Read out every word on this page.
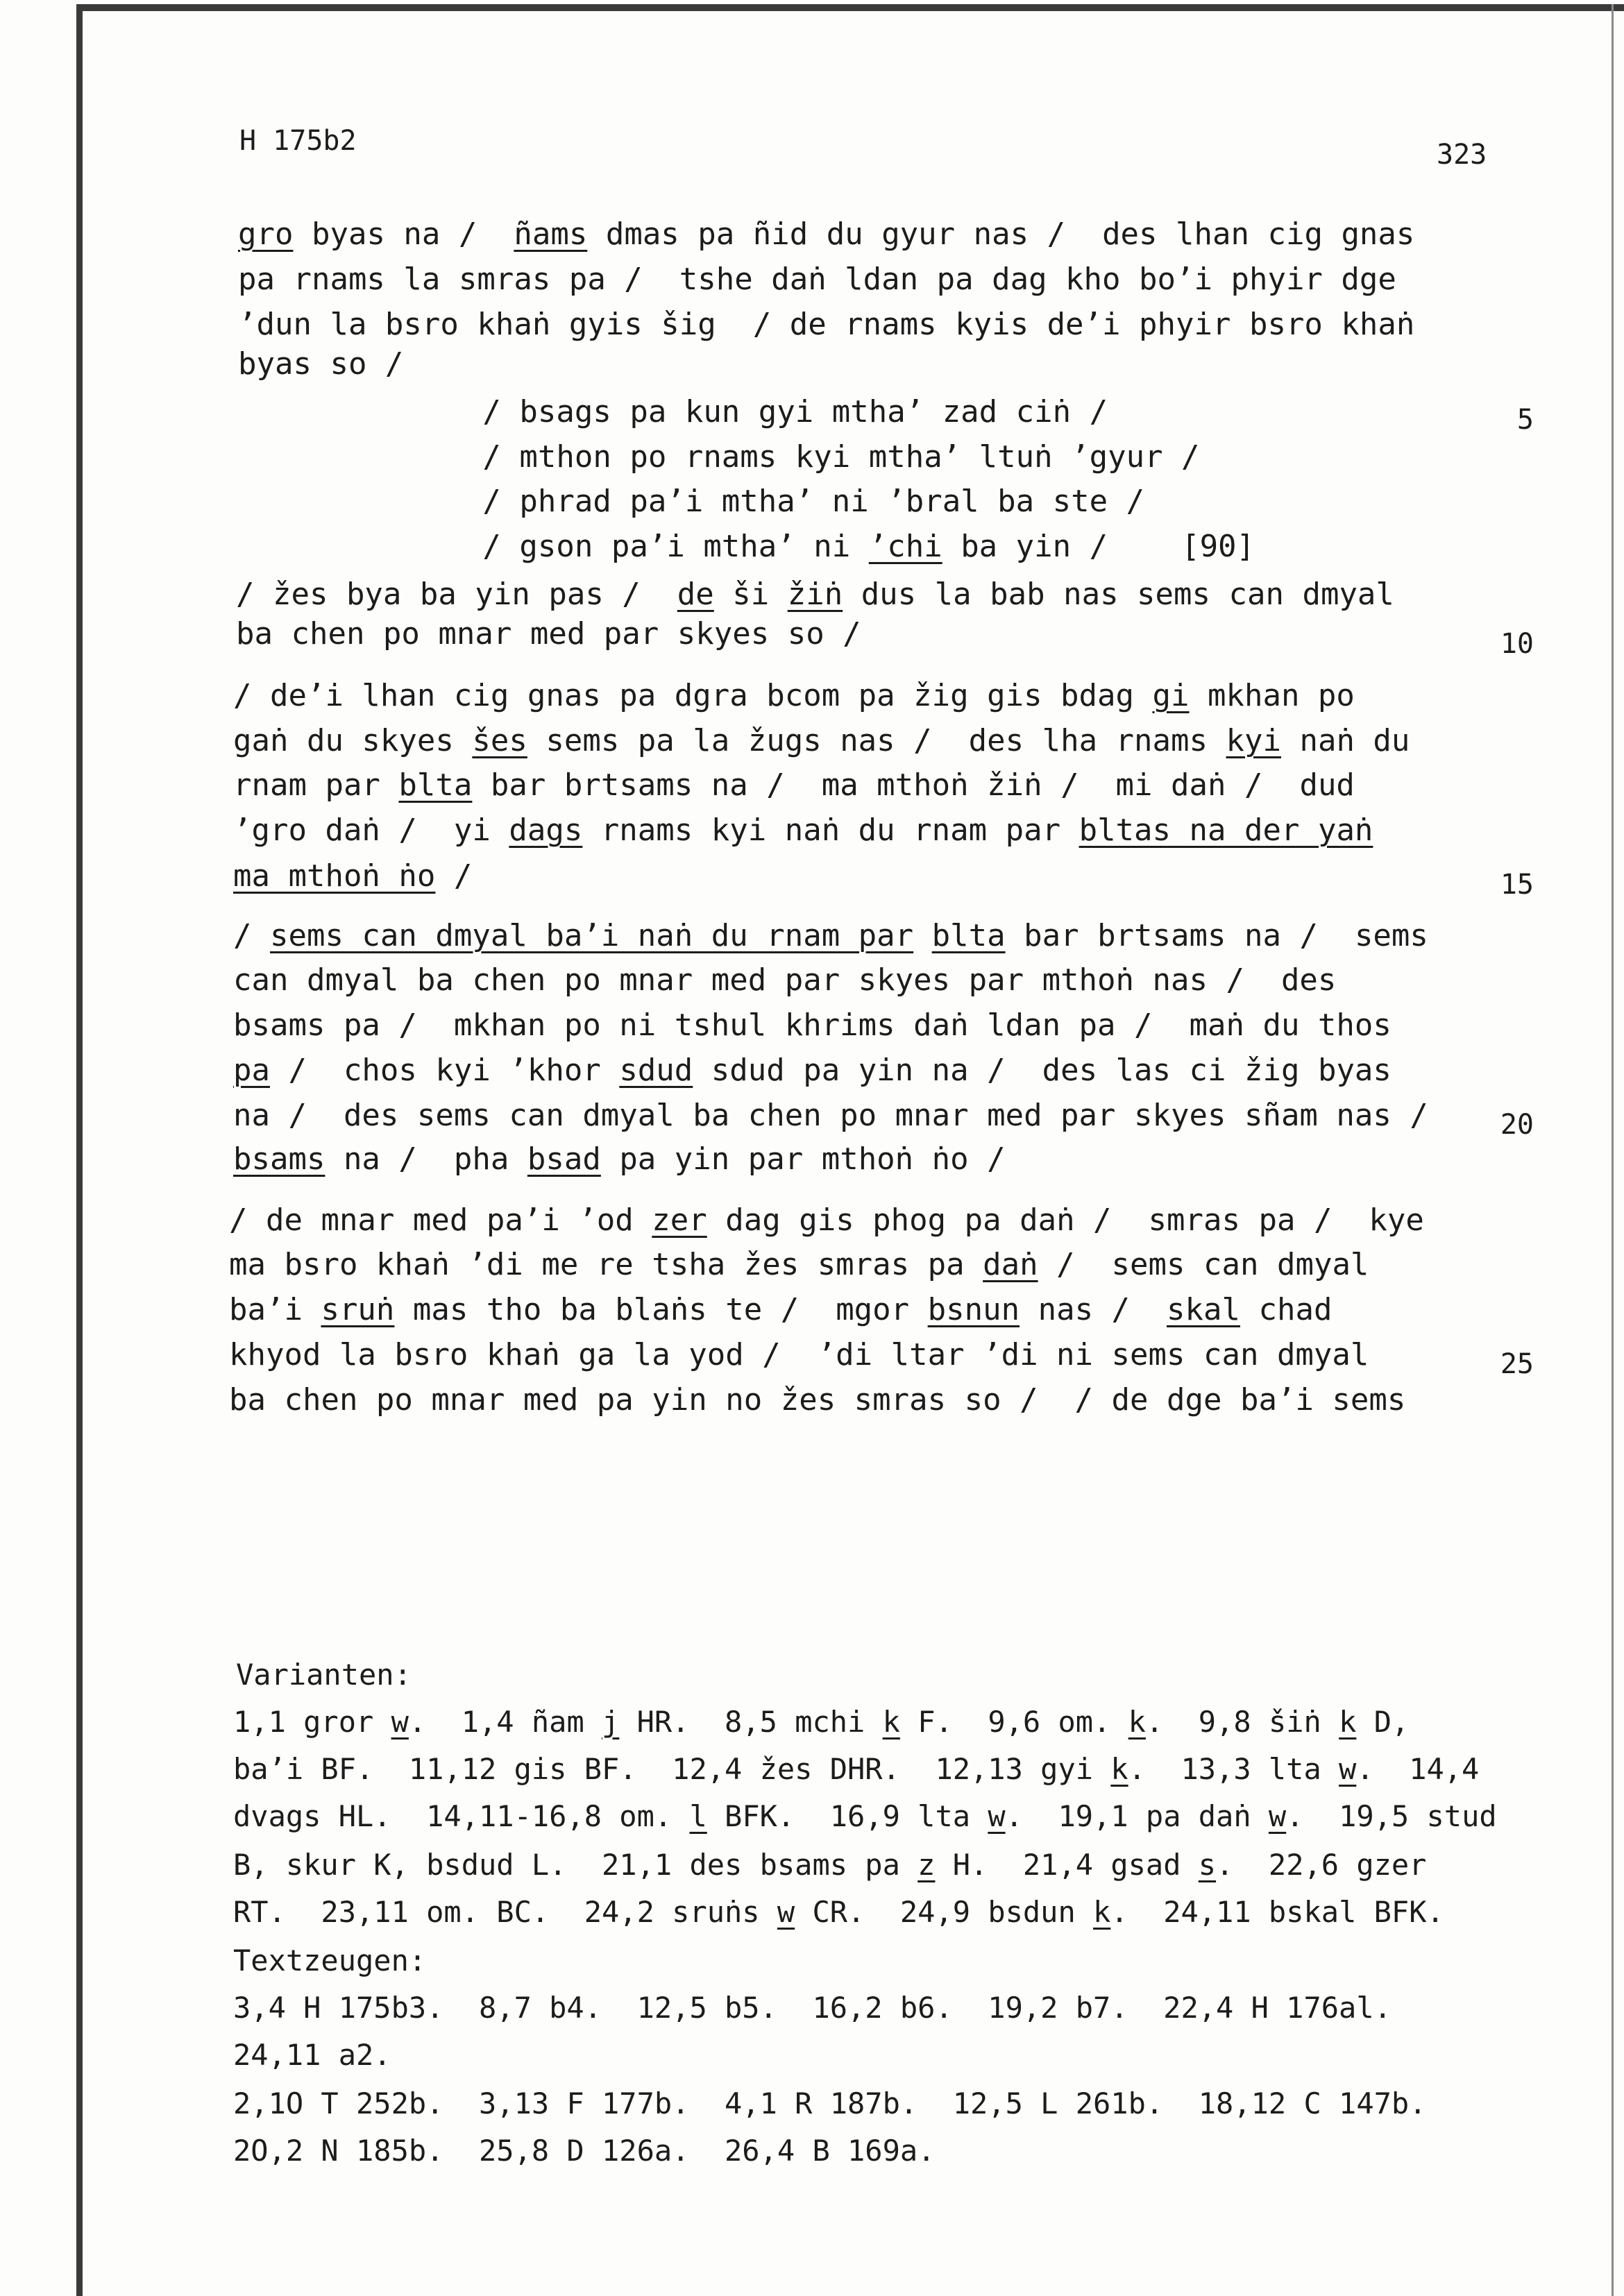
H 175b2	323
gro byas na /  ñams dmas pa ñid du gyur nas /  des lhan cig gnas
pa rnams la smras pa /  tshe daṅ ldan pa dag kho bo’i phyir dge
’dun la bsro khaṅ gyis šig  / de rnams kyis de’i phyir bsro khaṅ
byas so /
/ bsags pa kun gyi mtha’ zad ciṅ /
/ mthon po rnams kyi mtha’ ltuṅ ’gyur /
/ phrad pa’i mtha’ ni ’bral ba ste /
/ gson pa’i mtha’ ni ’chi ba yin /    [90]
/ žes bya ba yin pas /  de ši žiṅ dus la bab nas sems can dmyal
ba chen po mnar med par skyes so /
/ de’i lhan cig gnas pa dgra bcom pa žig gis bdag gi mkhan po
gaṅ du skyes šes sems pa la žugs nas /  des lha rnams kyi naṅ du
rnam par blta bar brtsams na /  ma mthoṅ žiṅ /  mi daṅ /  dud
’gro daṅ /  yi dags rnams kyi naṅ du rnam par bltas na der yaṅ
ma mthoṅ ṅo /
/ sems can dmyal ba’i naṅ du rnam par blta bar brtsams na /  sems
can dmyal ba chen po mnar med par skyes par mthoṅ nas /  des
bsams pa /  mkhan po ni tshul khrims daṅ ldan pa /  maṅ du thos
pa /  chos kyi ’khor sdud sdud pa yin na /  des las ci žig byas
na /  des sems can dmyal ba chen po mnar med par skyes sñam nas /
bsams na /  pha bsad pa yin par mthoṅ ṅo /
/ de mnar med pa’i ’od zer dag gis phog pa daṅ /  smras pa /  kye
ma bsro khaṅ ’di me re tsha žes smras pa daṅ /  sems can dmyal
ba’i sruṅ mas tho ba blaṅs te /  mgor bsnun nas /  skal chad
khyod la bsro khaṅ ga la yod /  ’di ltar ’di ni sems can dmyal
ba chen po mnar med pa yin no žes smras so /  / de dge ba’i sems
5
10
15
20
25
Varianten:
1,1 gror w.  1,4 ñam j HR.  8,5 mchi k F.  9,6 om. k.  9,8 šiṅ k D,
ba’i BF.  11,12 gis BF.  12,4 žes DHR.  12,13 gyi k.  13,3 lta w.  14,4
dvags HL.  14,11-16,8 om. l BFK.  16,9 lta w.  19,1 pa daṅ w.  19,5 stud
B, skur K, bsdud L.  21,1 des bsams pa z H.  21,4 gsad s.  22,6 gzer
RT.  23,11 om. BC.  24,2 sruṅs w CR.  24,9 bsdun k.  24,11 bskal BFK.
Textzeugen:
3,4 H 175b3.  8,7 b4.  12,5 b5.  16,2 b6.  19,2 b7.  22,4 H 176al.
24,11 a2.
2,1O T 252b.  3,13 F 177b.  4,1 R 187b.  12,5 L 261b.  18,12 C 147b.
2O,2 N 185b.  25,8 D 126a.  26,4 B 169a.
